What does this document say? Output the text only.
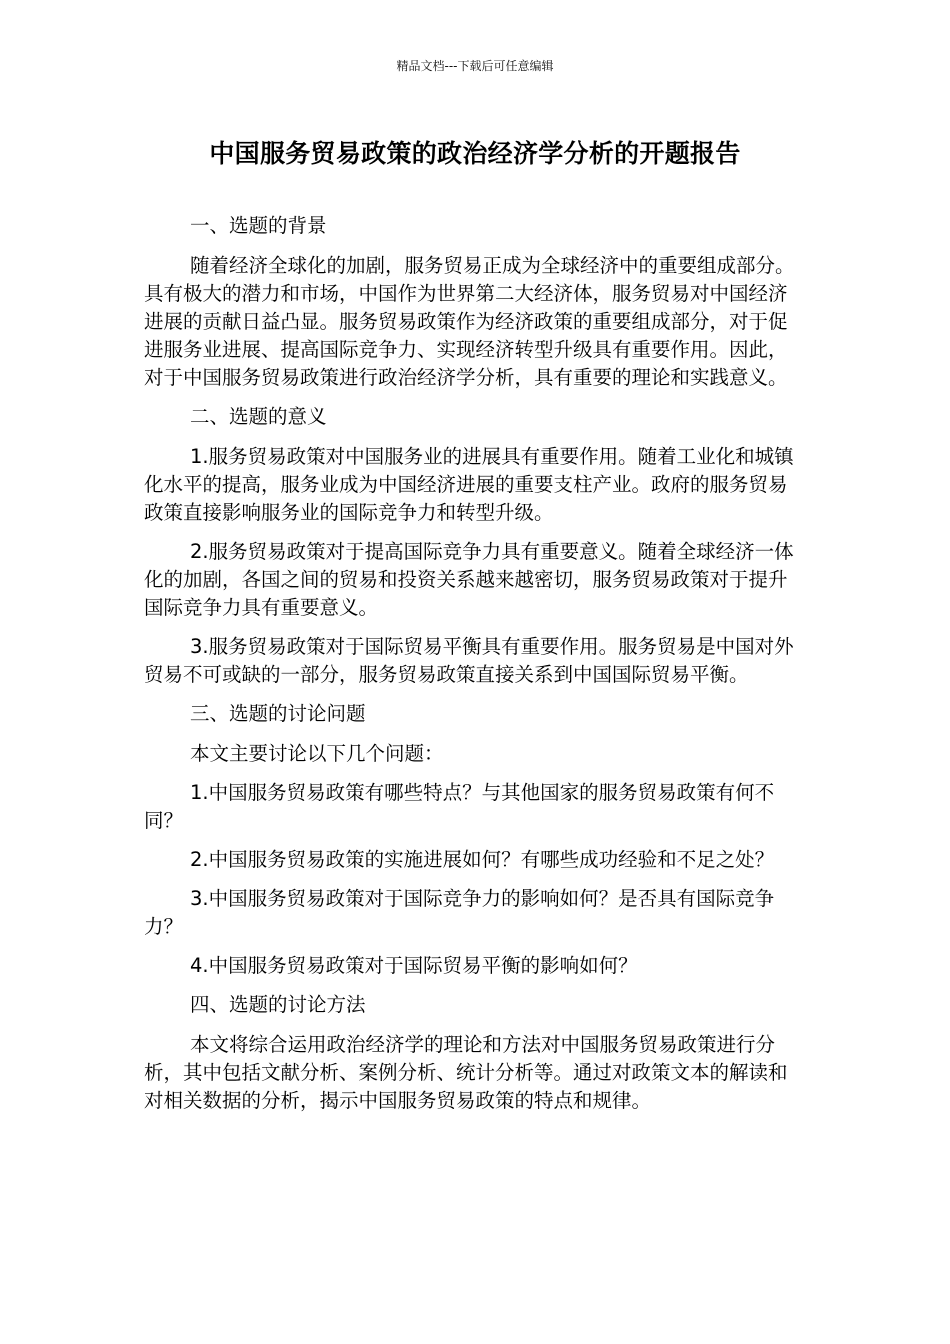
精品文档---下载后可任意编辑
中国服务贸易政策的政治经济学分析的开题报告

一、选题的背景

随着经济全球化的加剧，服务贸易正成为全球经济中的重要组成部分。具有极大的潜力和市场，中国作为世界第二大经济体，服务贸易对中国经济进展的贡献日益凸显。服务贸易政策作为经济政策的重要组成部分，对于促进服务业进展、提高国际竞争力、实现经济转型升级具有重要作用。因此，对于中国服务贸易政策进行政治经济学分析，具有重要的理论和实践意义。

二、选题的意义

1.服务贸易政策对中国服务业的进展具有重要作用。随着工业化和城镇化水平的提高，服务业成为中国经济进展的重要支柱产业。政府的服务贸易政策直接影响服务业的国际竞争力和转型升级。

2.服务贸易政策对于提高国际竞争力具有重要意义。随着全球经济一体化的加剧，各国之间的贸易和投资关系越来越密切，服务贸易政策对于提升国际竞争力具有重要意义。

3.服务贸易政策对于国际贸易平衡具有重要作用。服务贸易是中国对外贸易不可或缺的一部分，服务贸易政策直接关系到中国国际贸易平衡。

三、选题的讨论问题

本文主要讨论以下几个问题：

1.中国服务贸易政策有哪些特点？与其他国家的服务贸易政策有何不同？

2.中国服务贸易政策的实施进展如何？有哪些成功经验和不足之处？

3.中国服务贸易政策对于国际竞争力的影响如何？是否具有国际竞争力？

4.中国服务贸易政策对于国际贸易平衡的影响如何？

四、选题的讨论方法

本文将综合运用政治经济学的理论和方法对中国服务贸易政策进行分析，其中包括文献分析、案例分析、统计分析等。通过对政策文本的解读和对相关数据的分析，揭示中国服务贸易政策的特点和规律。
